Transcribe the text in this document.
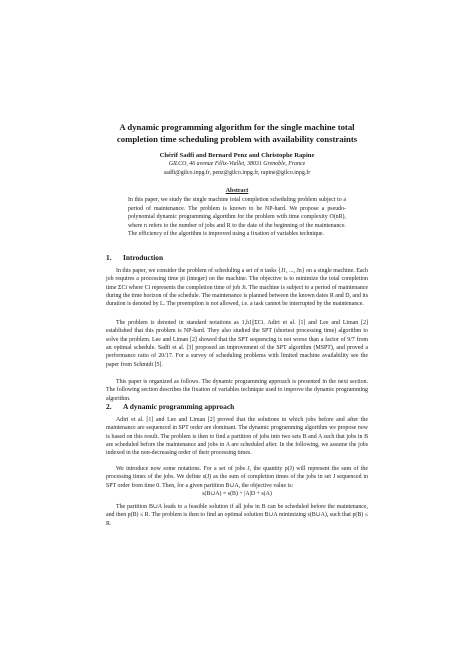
A dynamic programming algorithm for the single machine total
completion time scheduling problem with availability constraints
Chérif Sadfi and Bernard Penz and Christophe Rapine
GILCO, 46 avenue Félix-Viallet, 38031 Grenoble, France
sadfi@gilco.inpg.fr, penz@gilco.inpg.fr, rapine@gilco.inpg.fr
Abstract

In this paper, we study the single machine total completion scheduling problem subject to a period of maintenance. The problem is known to be NP-hard. We propose a pseudo-polynomial dynamic programming algorithm for the problem with time complexity O(nR), where n refers to the number of jobs and R to the date of the beginning of the maintenance. The efficiency of the algorithm is improved using a fixation of variables technique.

1. Introduction

In this paper, we consider the problem of scheduling a set of n tasks {J1, ..., Jn} on a single machine. Each job requires a processing time pi (integer) on the machine. The objective is to minimize the total completion time ΣCi where Ci represents the completion time of job Ji. The machine is subject to a period of maintenance during the time horizon of the schedule. The maintenance is planned between the known dates R and D, and its duration is denoted by L. The preemption is not allowed, i.e. a task cannot be interrupted by the maintenance.

The problem is denoted in standard notations as 1,h1||ΣCi. Adiri et al. [1] and Lee and Liman [2] established that this problem is NP-hard. They also studied the SPT (shortest processing time) algorithm to solve the problem. Lee and Liman [2] showed that the SPT sequencing is not worse than a factor of 9/7 from an optimal schedule. Sadfi et al. [3] proposed an improvement of the SPT algorithm (MSPT), and proved a performance ratio of 20/17. For a survey of scheduling problems with limited machine availability see the paper from Schmidt [5].

This paper is organized as follows. The dynamic programming approach is presented in the next section. The following section describes the fixation of variables technique used to improve the dynamic programming algorithm.

2. A dynamic programming approach

Adiri et al. [1] and Lee and Liman [2] proved that the solutions in which jobs before and after the maintenance are sequenced in SPT order are dominant. The dynamic programming algorithm we propose now is based on this result. The problem is then to find a partition of jobs into two sets B and A such that jobs in B are scheduled before the maintenance and jobs in A are scheduled after. In the following, we assume the jobs indexed in the non-decreasing order of their processing times.

We introduce now some notations. For a set of jobs J, the quantity p(J) will represent the sum of the processing times of the jobs. We define s(J) as the sum of completion times of the jobs in set J sequenced in SPT order from time 0. Then, for a given partition B∪A, the objective value is:

s(B∪A) = s(B) + |A|D + s(A)

The partition B∪A leads to a feasible solution if all jobs in B can be scheduled before the maintenance, and then p(B) ≤ R. The problem is then to find an optimal solution B∪A minimizing s(B∪A), such that p(B) ≤ R.
